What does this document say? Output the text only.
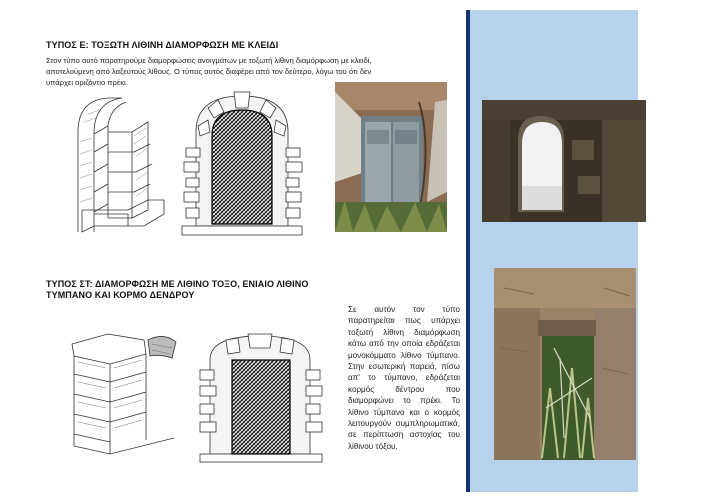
ΤΥΠΟΣ Ε: ΤΟΞΩΤΗ ΛΙΘΙΝΗ ΔΙΑΜΟΡΦΩΣΗ ΜΕ ΚΛΕΙΔΙ
Στον τύπο αυτό παρατηρούμε διαμορφώσεις ανοιγμάτων με τοξωτή λίθινη διαμόρφωση με κλειδί,
αποτελούμενη από λαξευτούς λίθους. Ο τύπος αυτός διαφέρει από τον δεύτερο, λόγω του ότι δεν
υπάρχει οριζόντιο πρέκι.
ΤΥΠΟΣ ΣΤ: ΔΙΑΜΟΡΦΩΣΗ ΜΕ ΛΙΘΙΝΟ ΤΟΞΟ, ΕΝΙΑΙΟ ΛΙΘΙΝΟ
ΤΥΜΠΑΝΟ ΚΑΙ ΚΟΡΜΟ ΔΕΝΔΡΟΥ
Σε αυτόν τον τύπο παρατηρείται πως υπάρχει τοξωτή λίθινη διαμόρφωση κάτω από την οποία εδράζεται μονοκόμματο λίθινο τύμπανο. Στην εσωτερική παρειά, πίσω απ' το τύμπανο, εδράζεται κορμός δέντρου που διαμορφώνει το πρέκι. Το λίθινο τύμπανο και ο κορμός λειτουργούν συμπληρωματικά, σε περίπτωση αστοχίας του λίθινου τόξου.
